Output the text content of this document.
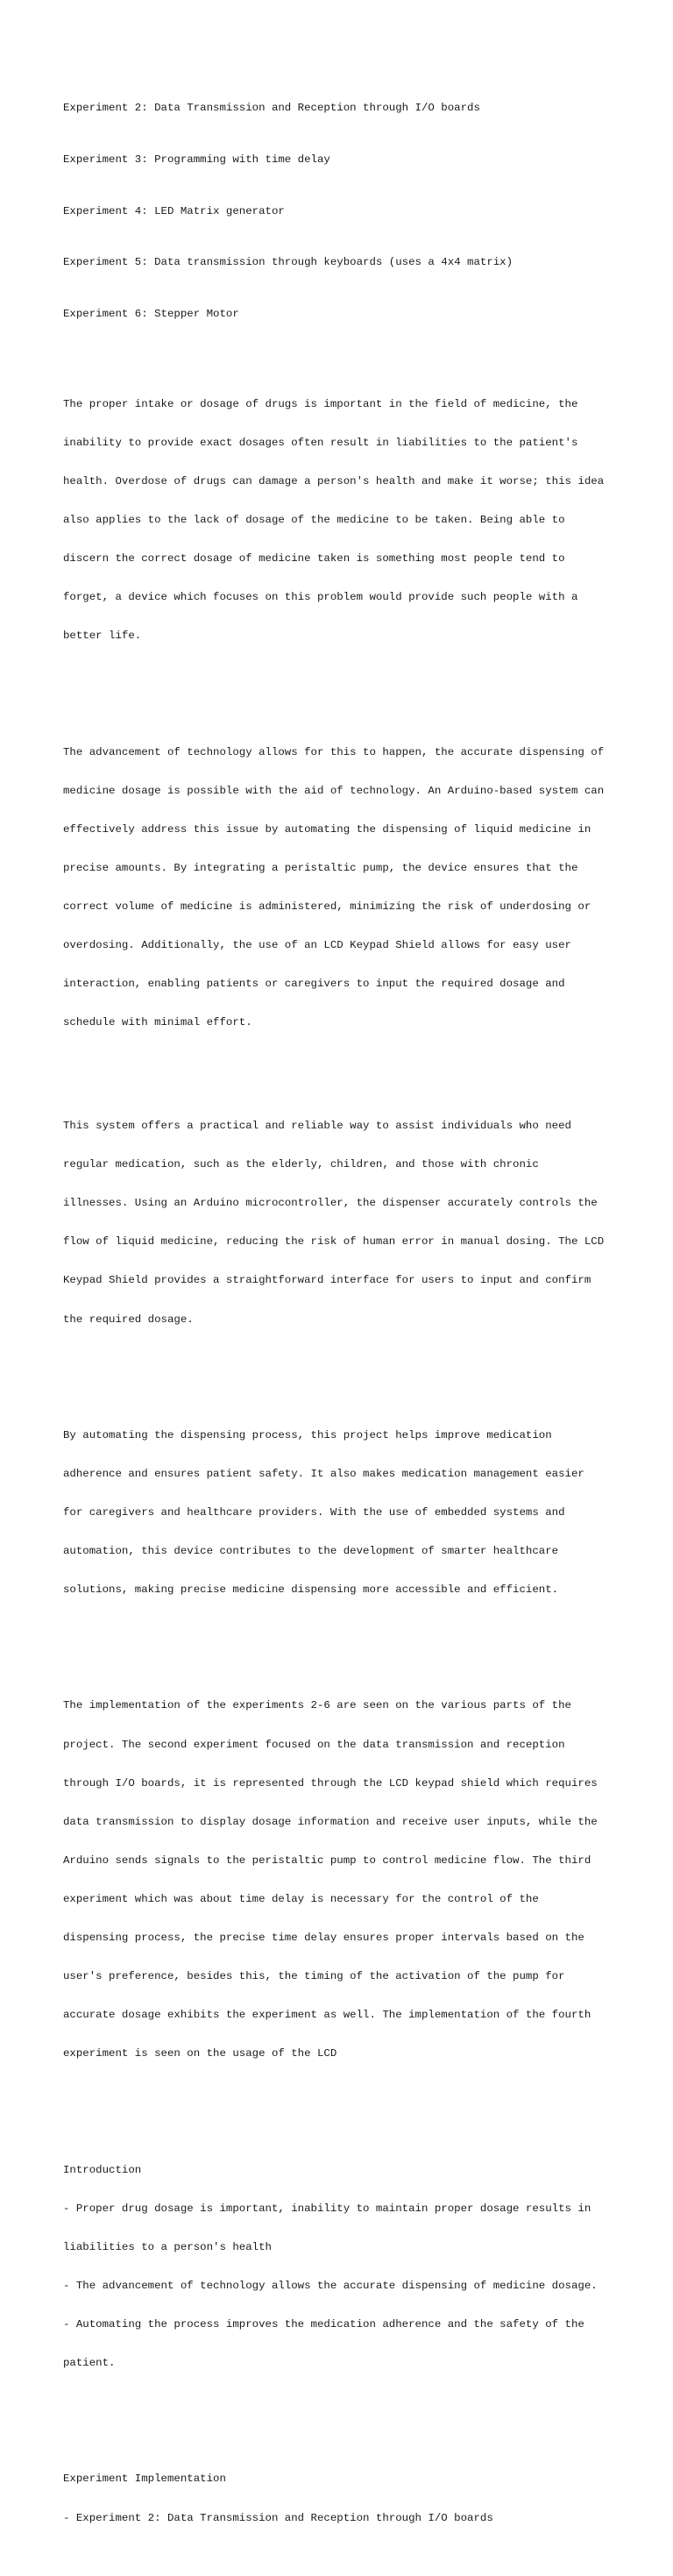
Experiment 2: Data Transmission and Reception through I/O boards

Experiment 3: Programming with time delay

Experiment 4: LED Matrix generator

Experiment 5: Data transmission through keyboards (uses a 4x4 matrix)

Experiment 6: Stepper Motor

The proper intake or dosage of drugs is important in the field of medicine, the

inability to provide exact dosages often result in liabilities to the patient's

health. Overdose of drugs can damage a person's health and make it worse; this idea

also applies to the lack of dosage of the medicine to be taken. Being able to

discern the correct dosage of medicine taken is something most people tend to

forget, a device which focuses on this problem would provide such people with a

better life.

The advancement of technology allows for this to happen, the accurate dispensing of

medicine dosage is possible with the aid of technology. An Arduino-based system can

effectively address this issue by automating the dispensing of liquid medicine in

precise amounts. By integrating a peristaltic pump, the device ensures that the

correct volume of medicine is administered, minimizing the risk of underdosing or

overdosing. Additionally, the use of an LCD Keypad Shield allows for easy user

interaction, enabling patients or caregivers to input the required dosage and

schedule with minimal effort.

This system offers a practical and reliable way to assist individuals who need

regular medication, such as the elderly, children, and those with chronic

illnesses. Using an Arduino microcontroller, the dispenser accurately controls the

flow of liquid medicine, reducing the risk of human error in manual dosing. The LCD

Keypad Shield provides a straightforward interface for users to input and confirm

the required dosage.

By automating the dispensing process, this project helps improve medication

adherence and ensures patient safety. It also makes medication management easier

for caregivers and healthcare providers. With the use of embedded systems and

automation, this device contributes to the development of smarter healthcare

solutions, making precise medicine dispensing more accessible and efficient.

The implementation of the experiments 2-6 are seen on the various parts of the

project. The second experiment focused on the data transmission and reception

through I/O boards, it is represented through the LCD keypad shield which requires

data transmission to display dosage information and receive user inputs, while the

Arduino sends signals to the peristaltic pump to control medicine flow. The third

experiment which was about time delay is necessary for the control of the

dispensing process, the precise time delay ensures proper intervals based on the

user's preference, besides this, the timing of the activation of the pump for

accurate dosage exhibits the experiment as well. The implementation of the fourth

experiment is seen on the usage of the LCD

Introduction

- Proper drug dosage is important, inability to maintain proper dosage results in

liabilities to a person's health

- The advancement of technology allows the accurate dispensing of medicine dosage.

- Automating the process improves the medication adherence and the safety of the

patient.

Experiment Implementation

- Experiment 2: Data Transmission and Reception through I/O boards
